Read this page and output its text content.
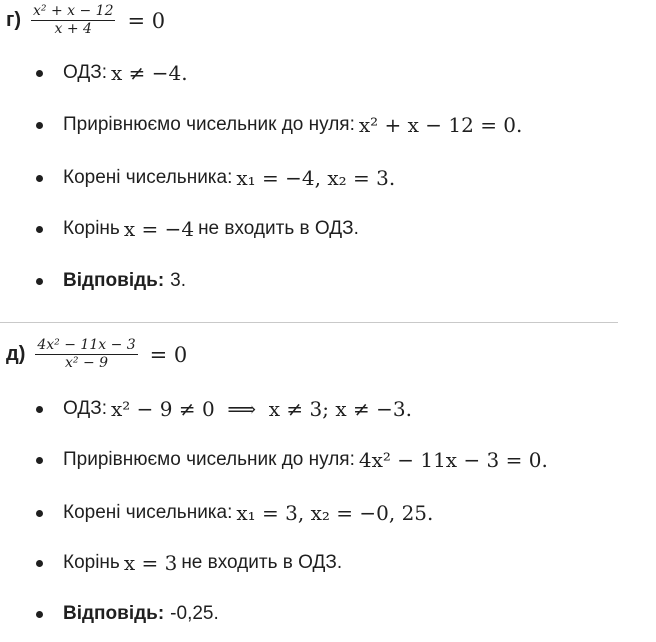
$г) \frac{\text{x² + x − 12}}{x + 4} = 0$
ОДЗ: x ≠ −4.
Прирівнюємо чисельник до нуля: x² + x − 12 = 0.
Корені чисельника: x₁ = −4, x₂ = 3.
Корінь x = −4 не входить в ОДЗ.
Відповідь: 3.
$д) \frac{\text{4x² − 11x − 3}}{\text{x² − 9}} = 0$
ОДЗ: x² − 9 ≠ 0  ⟹  x ≠ 3; x ≠ −3.
Прирівнюємо чисельник до нуля: 4x² − 11x − 3 = 0.
Корені чисельника: x₁ = 3, x₂ = −0, 25.
Корінь x = 3 не входить в ОДЗ.
Відповідь: -0,25.
